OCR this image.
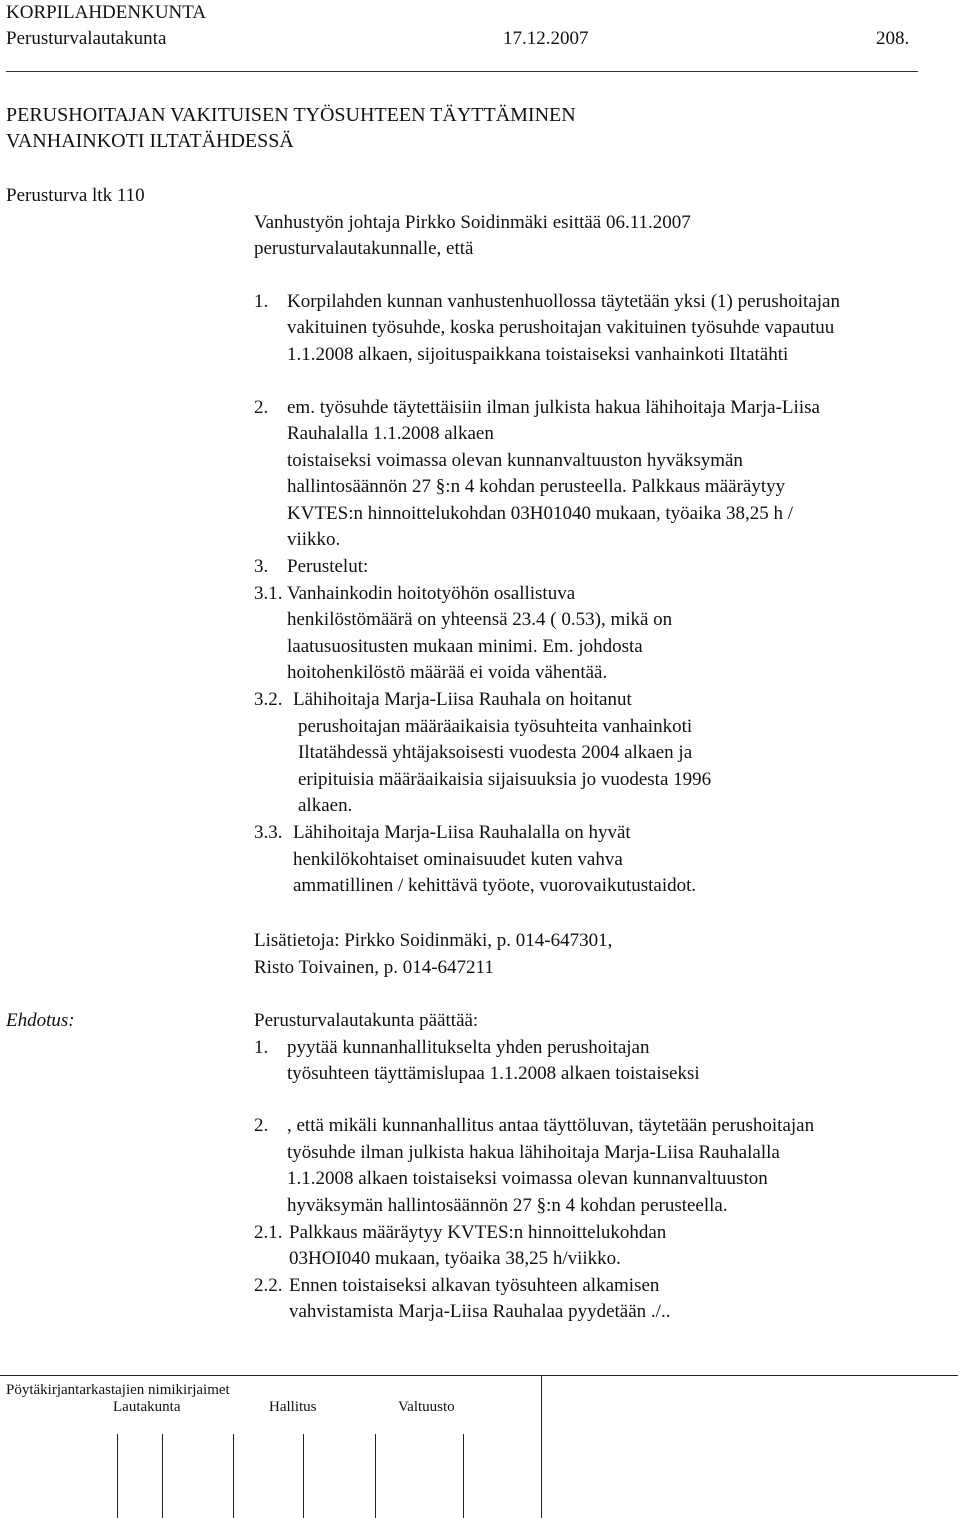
KORPILAHDENKUNTA
Perusturvalautakunta	17.12.2007	208.
PERUSHOITAJAN VAKITUISEN TYÖSUHTEEN TÄYTTÄMINEN
VANHAINKOTI ILTATÄHDESSÄ
Perusturva ltk 110
Vanhustyön johtaja Pirkko Soidinmäki esittää 06.11.2007
perusturvalautakunnalle, että
1. Korpilahden kunnan vanhustenhuollossa täytetään yksi (1) perushoitajan
vakituinen työsuhde, koska perushoitajan vakituinen työsuhde vapautuu
1.1.2008 alkaen, sijoituspaikkana toistaiseksi vanhainkoti Iltatähti
2. em. työsuhde täytettäisiin ilman julkista hakua lähihoitaja Marja-Liisa
Rauhalalla 1.1.2008 alkaen
toistaiseksi voimassa olevan kunnanvaltuuston hyväksymän
hallintosäännön 27 §:n 4 kohdan perusteella. Palkkaus määräytyy
KVTES:n hinnoittelukohdan 03H01040 mukaan, työaika 38,25 h /
viikko.
3. Perustelut:
3.1. Vanhainkodin hoitotyöhön osallistuva
henkilöstömäärä on yhteensä 23.4 ( 0.53), mikä on
laatusuositusten mukaan minimi. Em. johdosta
hoitohenkilöstö määrää ei voida vähentää.
3.2. Lähihoitaja Marja-Liisa Rauhala on hoitanut
perushoitajan määräaikaisia työsuhteita vanhainkoti
Iltatähdessä yhtäjaksoisesti vuodesta 2004 alkaen ja
eripituisia määräaikaisia sijaisuuksia jo vuodesta 1996
alkaen.
3.3. Lähihoitaja Marja-Liisa Rauhalalla on hyvät
henkilökohtaiset ominaisuudet kuten vahva
ammatillinen / kehittävä työote, vuorovaikutustaidot.
Lisätietoja: Pirkko Soidinmäki, p. 014-647301,
Risto Toivainen, p. 014-647211
Ehdotus:	Perusturvalautakunta päättää:
1. pyytää kunnanhallitukselta yhden perushoitajan
työsuhteen täyttämislupaa 1.1.2008 alkaen toistaiseksi
2. , että mikäli kunnanhallitus antaa täyttöluvan, täytetään perushoitajan
työsuhde ilman julkista hakua lähihoitaja Marja-Liisa Rauhalalla
1.1.2008 alkaen toistaiseksi voimassa olevan kunnanvaltuuston
hyväksymän hallintosäännön 27 §:n 4 kohdan perusteella.
2.1. Palkkaus määräytyy KVTES:n hinnoittelukohdan
03HOI040 mukaan, työaika 38,25 h/viikko.
2.2. Ennen toistaiseksi alkavan työsuhteen alkamisen
vahvistamista Marja-Liisa Rauhalaa pyydetään ./..
Pöytäkirjantarkastajien nimikirjaimet
Lautakunta	Hallitus	Valtuusto
